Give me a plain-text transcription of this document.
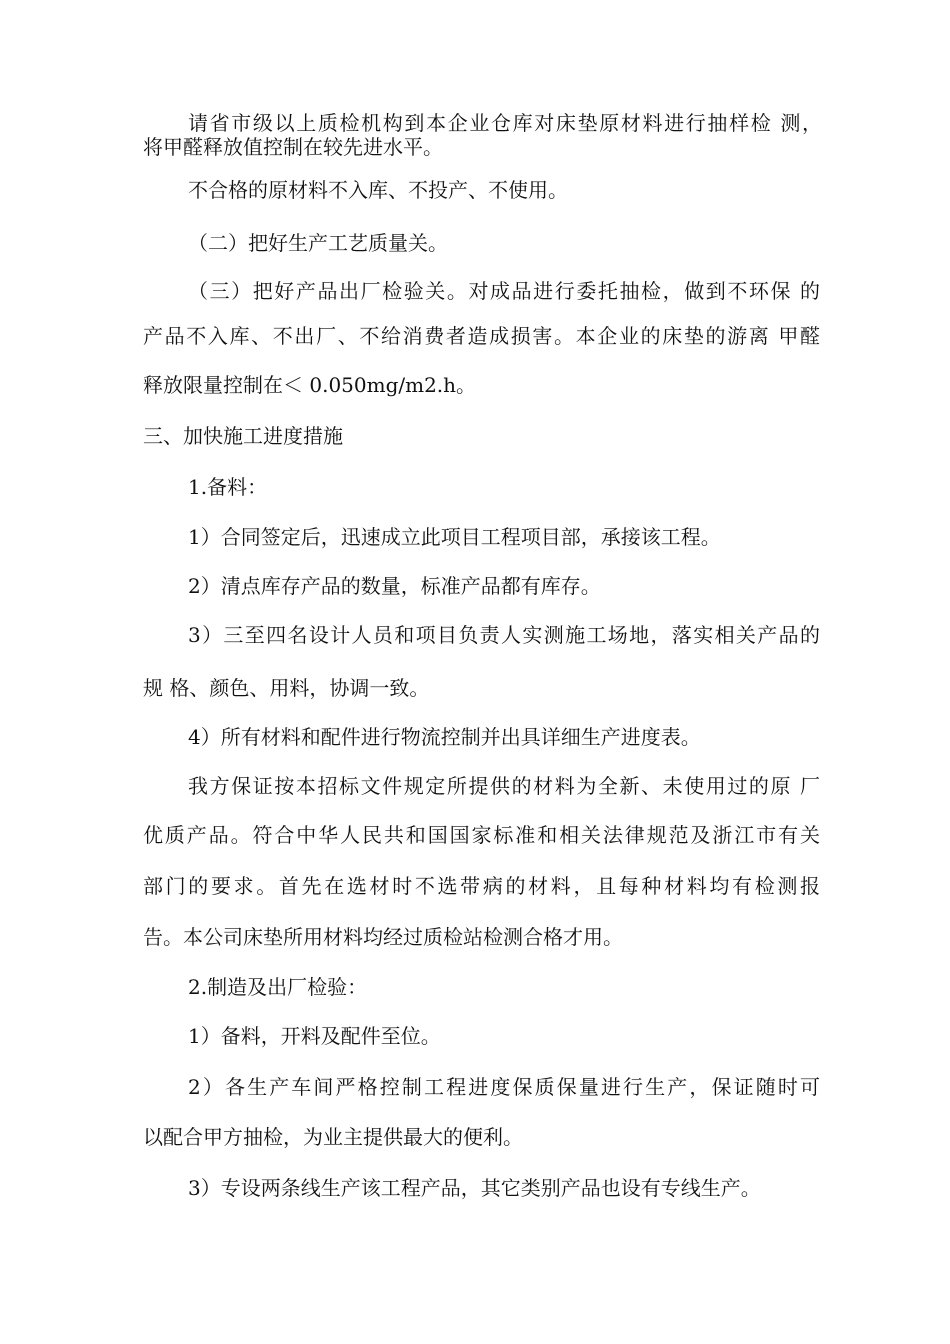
请省市级以上质检机构到本企业仓库对床垫原材料进行抽样检 测，
将甲醛释放值控制在较先进水平。
不合格的原材料不入库、不投产、不使用。
（二）把好生产工艺质量关。
（三）把好产品出厂检验关。对成品进行委托抽检，做到不环保 的
产品不入库、不出厂、不给消费者造成损害。本企业的床垫的游离 甲醛
释放限量控制在＜ 0.050mg/m2.h。
三、加快施工进度措施
1.备料：
1）合同签定后，迅速成立此项目工程项目部，承接该工程。
2）清点库存产品的数量，标准产品都有库存。
3）三至四名设计人员和项目负责人实测施工场地，落实相关产品的
规 格、颜色、用料，协调一致。
4）所有材料和配件进行物流控制并出具详细生产进度表。
我方保证按本招标文件规定所提供的材料为全新、未使用过的原 厂
优质产品。符合中华人民共和国国家标准和相关法律规范及浙江市有关
部门的要求。首先在选材时不选带病的材料，且每种材料均有检测报
告。本公司床垫所用材料均经过质检站检测合格才用。
2.制造及出厂检验：
1）备料，开料及配件至位。
2）各生产车间严格控制工程进度保质保量进行生产，保证随时可
以配合甲方抽检，为业主提供最大的便利。
3）专设两条线生产该工程产品，其它类别产品也设有专线生产。
